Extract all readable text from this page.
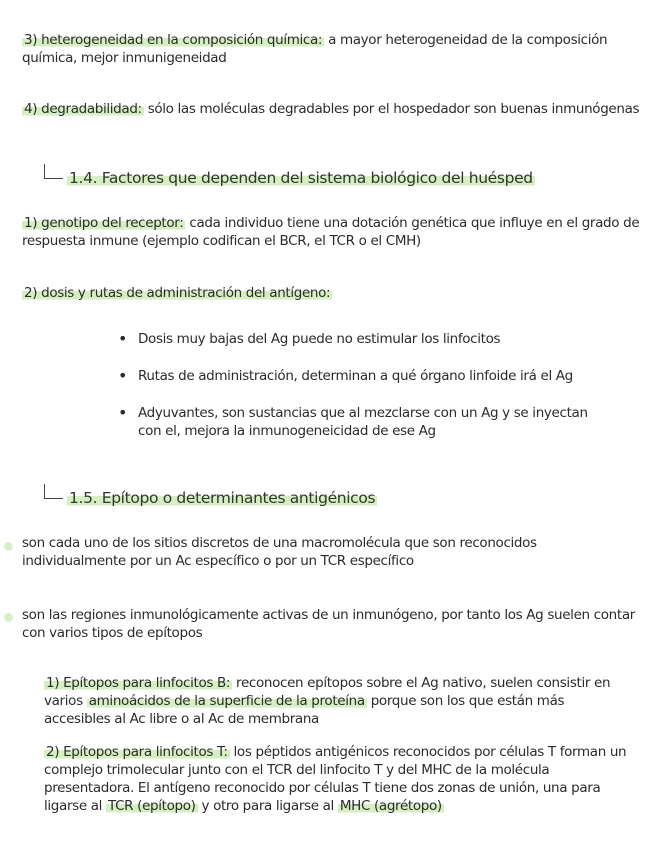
3) heterogeneidad en la composición química: a mayor heterogeneidad de la composición química, mejor inmunigeneidad
4) degradabilidad: sólo las moléculas degradables por el hospedador son buenas inmunógenas
1.4. Factores que dependen del sistema biológico del huésped
1) genotipo del receptor: cada individuo tiene una dotación genética que influye en el grado de respuesta inmune (ejemplo codifican el BCR, el TCR o el CMH)
2) dosis y rutas de administración del antígeno:
• Dosis muy bajas del Ag puede no estimular los linfocitos
• Rutas de administración, determinan a qué órgano linfoide irá el Ag
• Adyuvantes, son sustancias que al mezclarse con un Ag y se inyectan con el, mejora la inmunogeneicidad de ese Ag
1.5. Epítopo o determinantes antigénicos
son cada uno de los sitios discretos de una macromolécula que son reconocidos individualmente por un Ac específico o por un TCR específico
son las regiones inmunológicamente activas de un inmunógeno, por tanto los Ag suelen contar con varios tipos de epítopos
1) Epítopos para linfocitos B: reconocen epítopos sobre el Ag nativo, suelen consistir en varios aminoácidos de la superficie de la proteína porque son los que están más accesibles al Ac libre o al Ac de membrana
2) Epítopos para linfocitos T: los péptidos antigénicos reconocidos por células T forman un complejo trimolecular junto con el TCR del linfocito T y del MHC de la molécula presentadora. El antígeno reconocido por células T tiene dos zonas de unión, una para ligarse al TCR (epítopo) y otro para ligarse al MHC (agrétopo)
